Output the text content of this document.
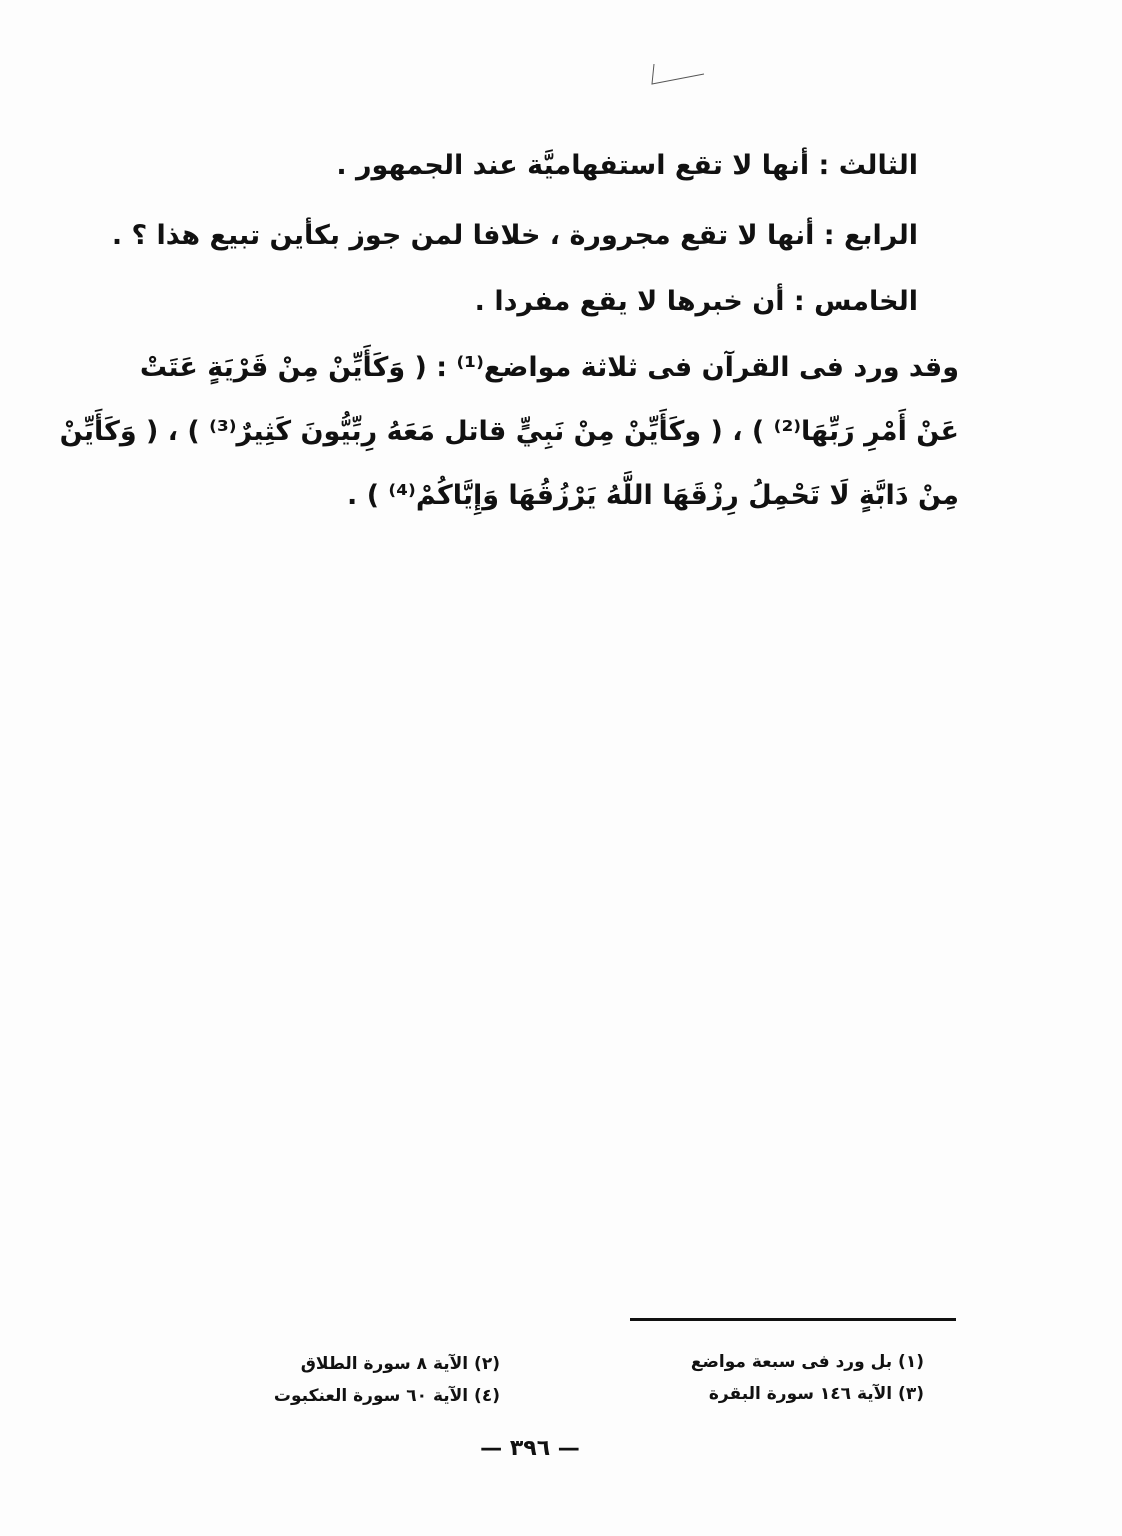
الثالث : أنها لا تقع استفهاميَّة عند الجمهور .
الرابع : أنها لا تقع مجرورة ، خلافا لمن جوز بكأين تبيع هذا ؟ .
الخامس : أن خبرها لا يقع مفردا .
وقد ورد فى القرآن فى ثلاثة مواضع⁽¹⁾ : ( وَكَأَيِّنْ مِنْ قَرْيَةٍ عَتَتْ
عَنْ أَمْرِ رَبِّهَا⁽²⁾ ) ، ( وكَأَيِّنْ مِنْ نَبِيٍّ قاتل مَعَهُ رِبِّيُّونَ كَثِيرٌ⁽³⁾ ) ، ( وَكَأَيِّنْ
مِنْ دَابَّةٍ لَا تَحْمِلُ رِزْقَهَا اللَّهُ يَرْزُقُهَا وَإِيَّاكُمْ⁽⁴⁾ ) .
(١) بل ورد فى سبعة مواضع
(٣) الآية ١٤٦ سورة البقرة
(٢) الآية ٨ سورة الطلاق
(٤) الآية ٦٠ سورة العنكبوت
— ٣٩٦ —
